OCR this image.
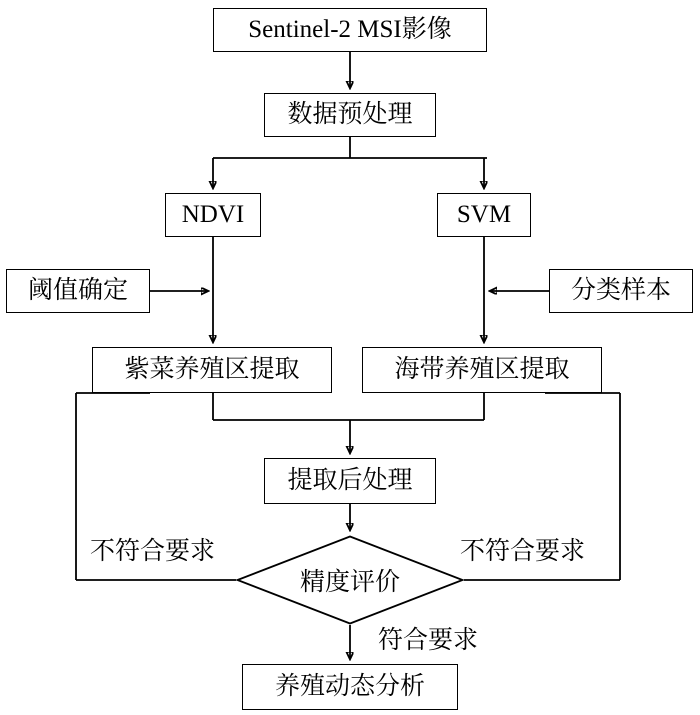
Sentinel-2 MSI影像
数据预处理
NDVI	SVM
阈值确定	分类样本
紫菜养殖区提取	海带养殖区提取
提取后处理
精度评价
养殖动态分析
不符合要求	不符合要求
符合要求
